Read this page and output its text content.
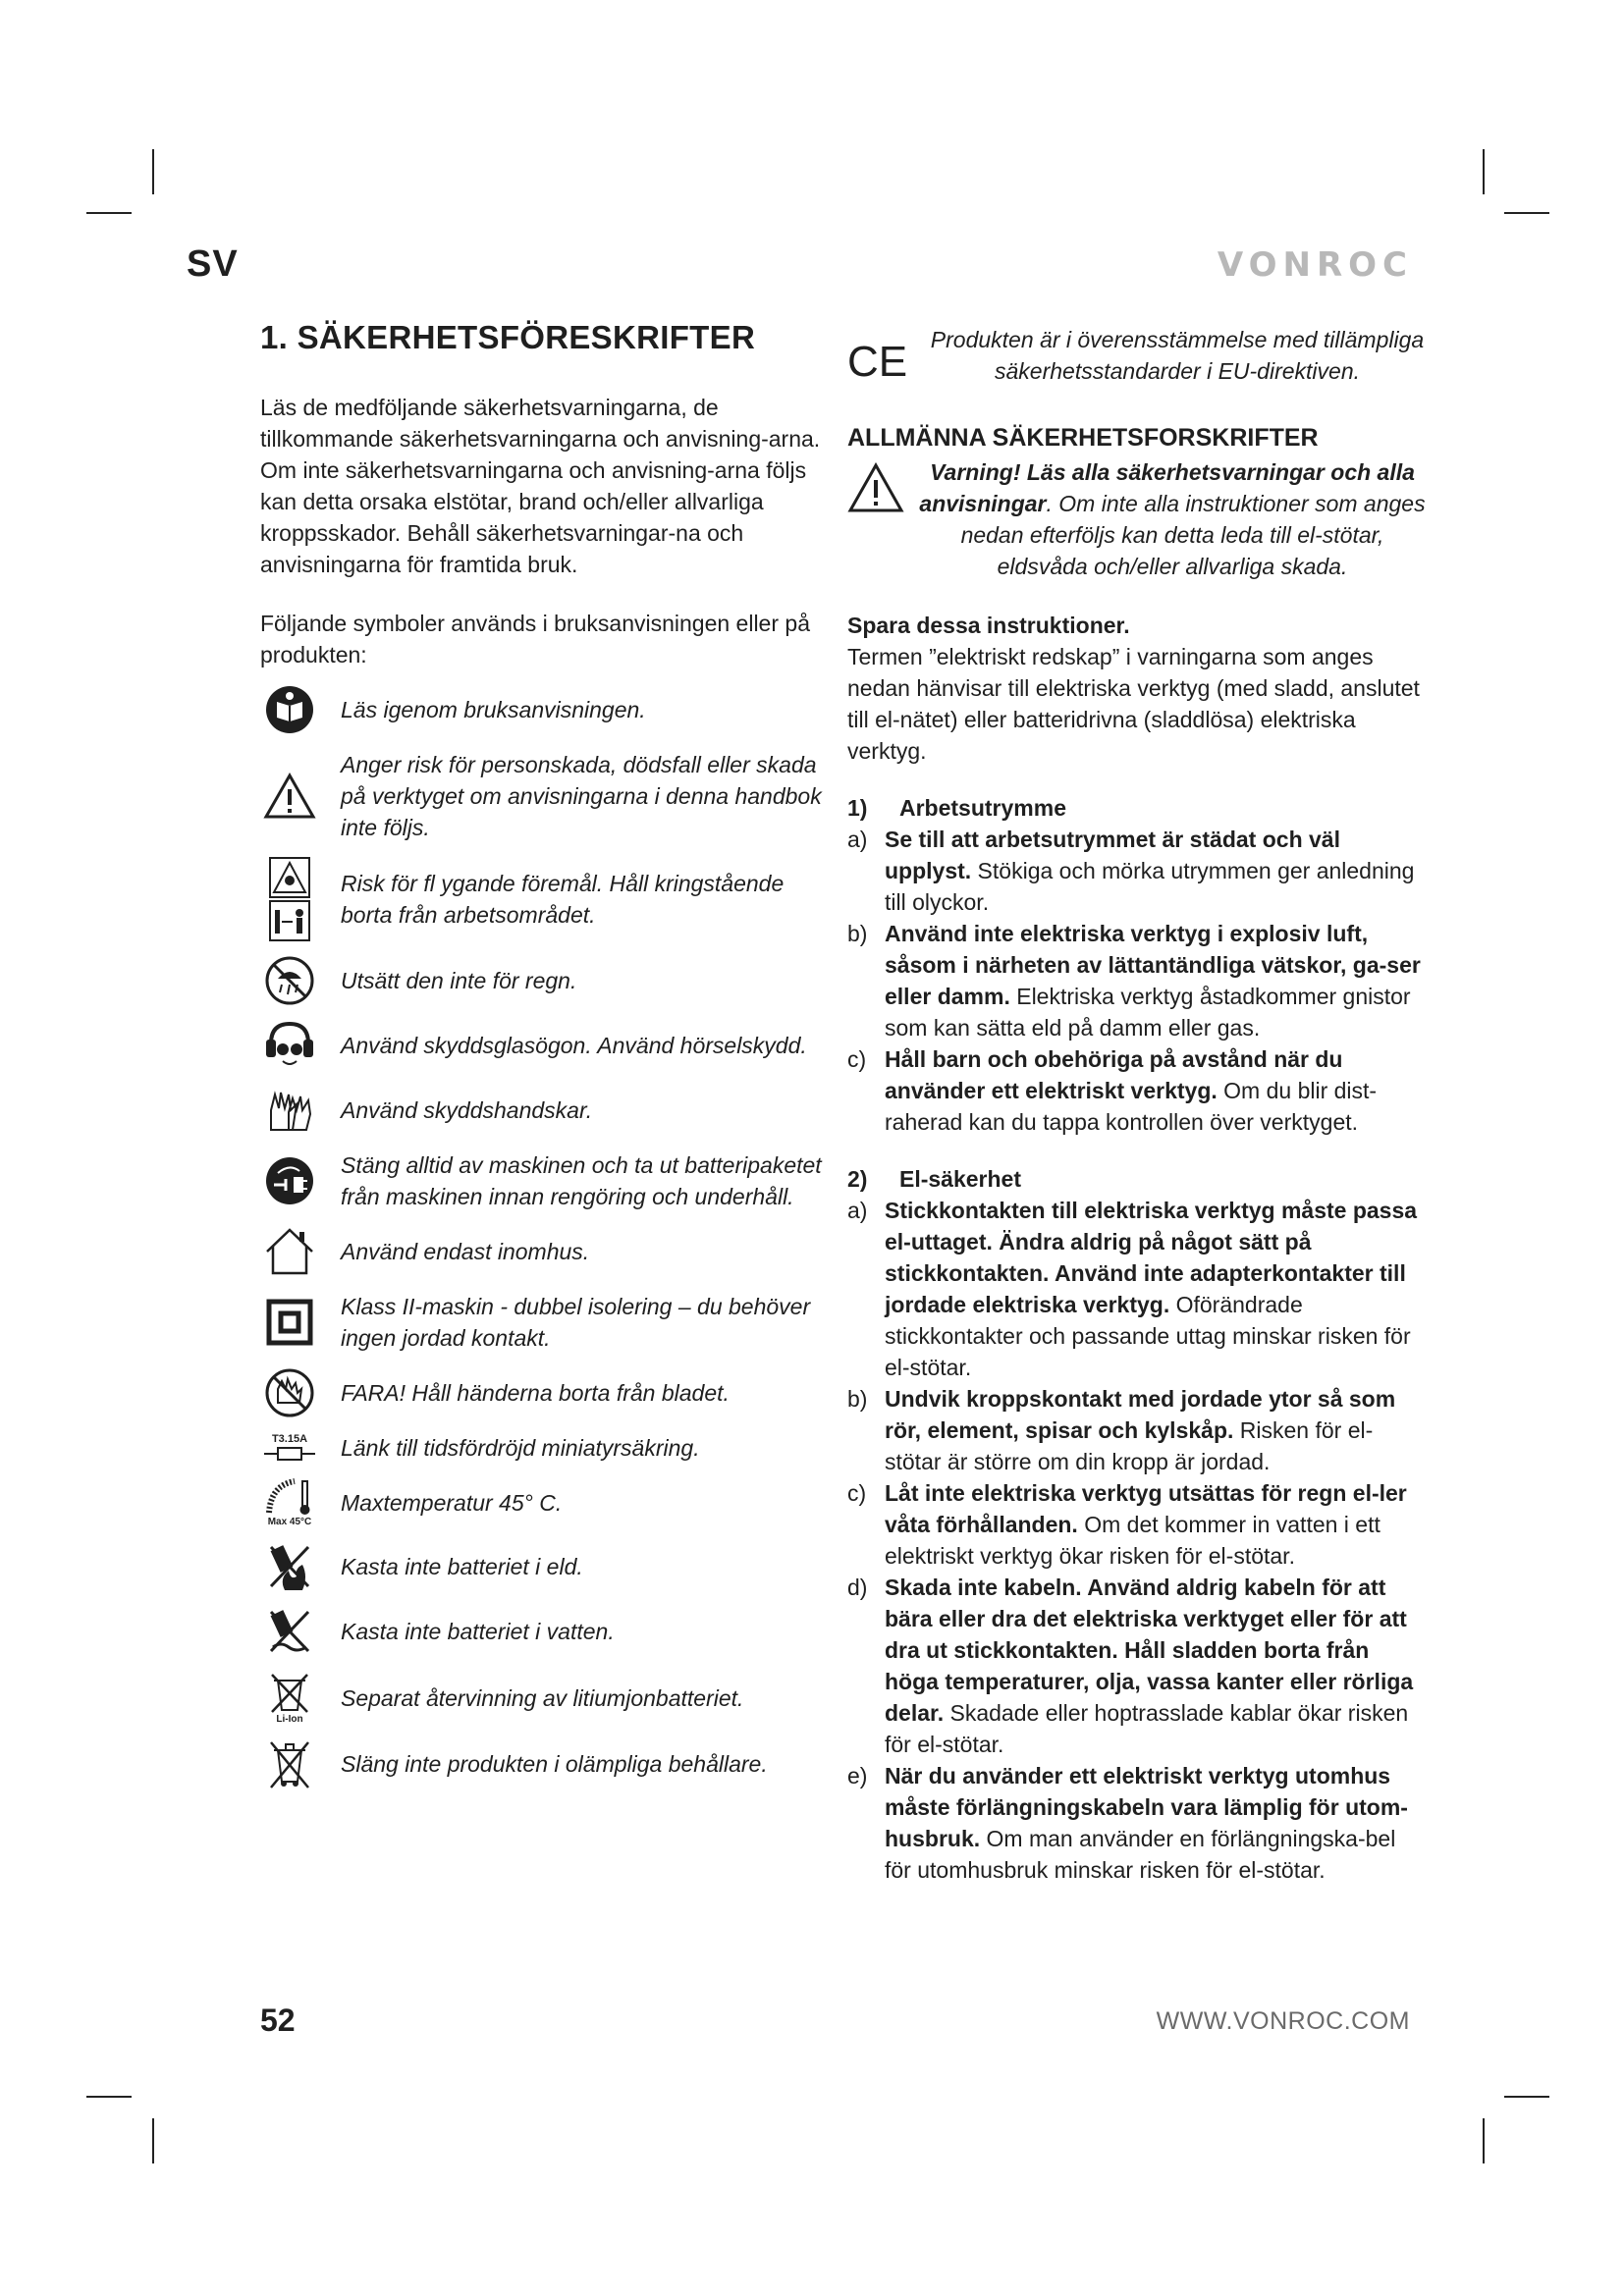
SV	VONROC
1. SÄKERHETSFÖRESKRIFTER

Läs de medföljande säkerhetsvarningarna, de tillkommande säkerhetsvarningarna och anvisning-arna. Om inte säkerhetsvarningarna och anvisning-arna följs kan detta orsaka elstötar, brand och/eller allvarliga kroppsskador. Behåll säkerhetsvarningar-na och anvisningarna för framtida bruk.

Följande symboler används i bruksanvisningen eller på produkten:

Läs igenom bruksanvisningen.
Anger risk för personskada, dödsfall eller skada på verktyget om anvisningarna i denna handbok inte följs.
Risk för fl ygande föremål. Håll kringstående borta från arbetsområdet.
Utsätt den inte för regn.
Använd skyddsglasögon. Använd hörselskydd.
Använd skyddshandskar.
Stäng alltid av maskinen och ta ut batteripaketet från maskinen innan rengöring och underhåll.
Använd endast inomhus.
Klass II-maskin - dubbel isolering – du behöver ingen jordad kontakt.
FARA! Håll händerna borta från bladet.
T3.15A	Länk till tidsfördröjd miniatyrsäkring.
Max 45°C
Maxtemperatur 45° C.
Kasta inte batteriet i eld.
Kasta inte batteriet i vatten.
Li-Ion
Separat återvinning av litiumjonbatteriet.
Släng inte produkten i olämpliga behållare.
CE	Produkten är i överensstämmelse med tillämpliga säkerhetsstandarder i EU-direktiven.
ALLMÄNNA SÄKERHETSFORSKRIFTER
Varning! Läs alla säkerhetsvarningar och alla anvisningar. Om inte alla instruktioner som anges nedan efterföljs kan detta leda till el-stötar, eldsvåda och/eller allvarliga skada.

Spara dessa instruktioner.

Termen ”elektriskt redskap” i varningarna som anges nedan hänvisar till elektriska verktyg (med sladd, anslutet till el-nätet) eller batteridrivna (sladdlösa) elektriska verktyg.

1)	Arbetsutrymme
a) Se till att arbetsutrymmet är städat och väl upplyst. Stökiga och mörka utrymmen ger anledning till olyckor.
b) Använd inte elektriska verktyg i explosiv luft, såsom i närheten av lättantändliga vätskor, ga-ser eller damm. Elektriska verktyg åstadkommer gnistor som kan sätta eld på damm eller gas.
c) Håll barn och obehöriga på avstånd när du använder ett elektriskt verktyg. Om du blir dist-raherad kan du tappa kontrollen över verktyget.
2)	El-säkerhet
a) Stickkontakten till elektriska verktyg måste passa el-uttaget. Ändra aldrig på något sätt på stickkontakten. Använd inte adapterkontakter till jordade elektriska verktyg. Oförändrade stickkontakter och passande uttag minskar risken för el-stötar.
b) Undvik kroppskontakt med jordade ytor så som rör, element, spisar och kylskåp. Risken för el-stötar är större om din kropp är jordad.
c) Låt inte elektriska verktyg utsättas för regn el-ler våta förhållanden. Om det kommer in vatten i ett elektriskt verktyg ökar risken för el-stötar.
d) Skada inte kabeln. Använd aldrig kabeln för att bära eller dra det elektriska verktyget eller för att dra ut stickkontakten. Håll sladden borta från höga temperaturer, olja, vassa kanter eller rörliga delar. Skadade eller hoptrasslade kablar ökar risken för el-stötar.
e) När du använder ett elektriskt verktyg utomhus måste förlängningskabeln vara lämplig för utom-husbruk. Om man använder en förlängningska-bel för utomhusbruk minskar risken för el-stötar.
52	WWW.VONROC.COM
